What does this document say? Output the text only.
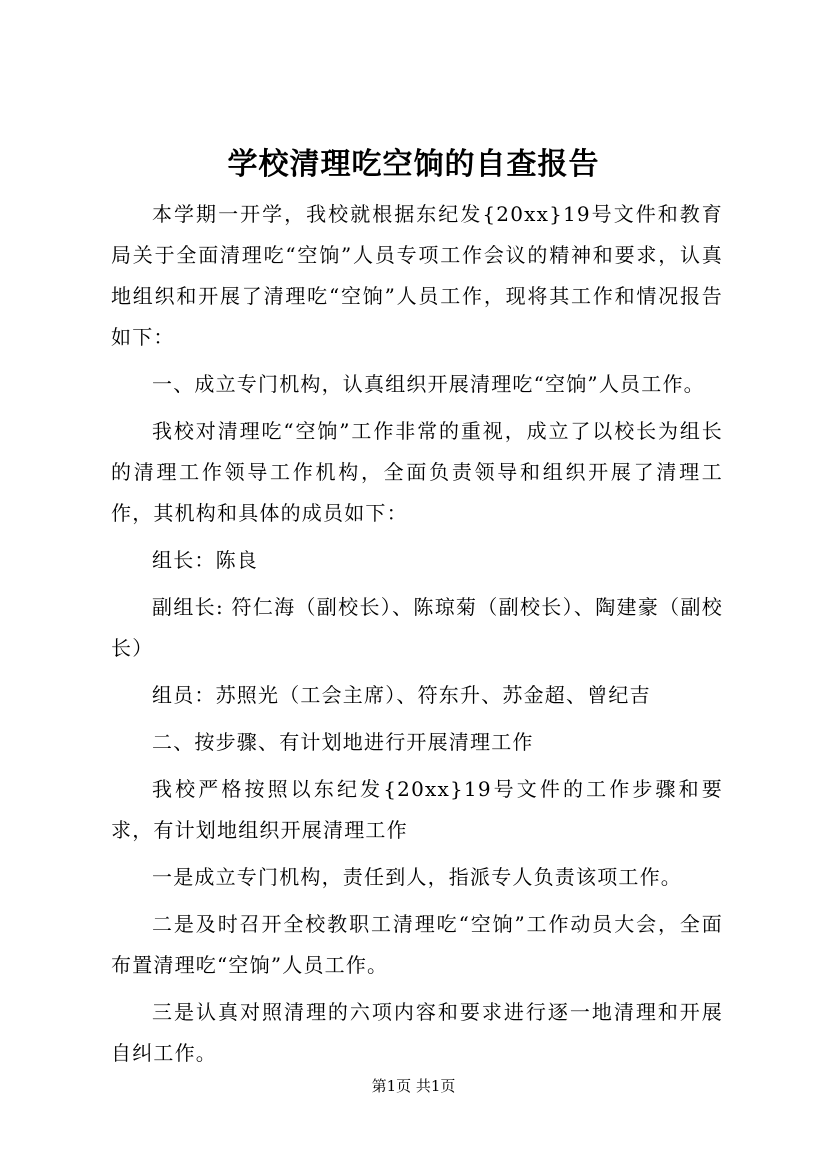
学校清理吃空饷的自查报告

本学期一开学，我校就根据东纪发{20xx}19号文件和教育局关于全面清理吃“空饷”人员专项工作会议的精神和要求，认真地组织和开展了清理吃“空饷”人员工作，现将其工作和情况报告如下：

一、成立专门机构，认真组织开展清理吃“空饷”人员工作。

我校对清理吃“空饷”工作非常的重视，成立了以校长为组长的清理工作领导工作机构，全面负责领导和组织开展了清理工作，其机构和具体的成员如下：

组长：陈良

副组长: 符仁海（副校长）、陈琼菊（副校长）、陶建豪（副校长）

组员：苏照光（工会主席）、符东升、苏金超、曾纪吉

二、按步骤、有计划地进行开展清理工作

我校严格按照以东纪发{20xx}19号文件的工作步骤和要求，有计划地组织开展清理工作

一是成立专门机构，责任到人，指派专人负责该项工作。

二是及时召开全校教职工清理吃“空饷”工作动员大会，全面布置清理吃“空饷”人员工作。

三是认真对照清理的六项内容和要求进行逐一地清理和开展自纠工作。

第1页 共1页
